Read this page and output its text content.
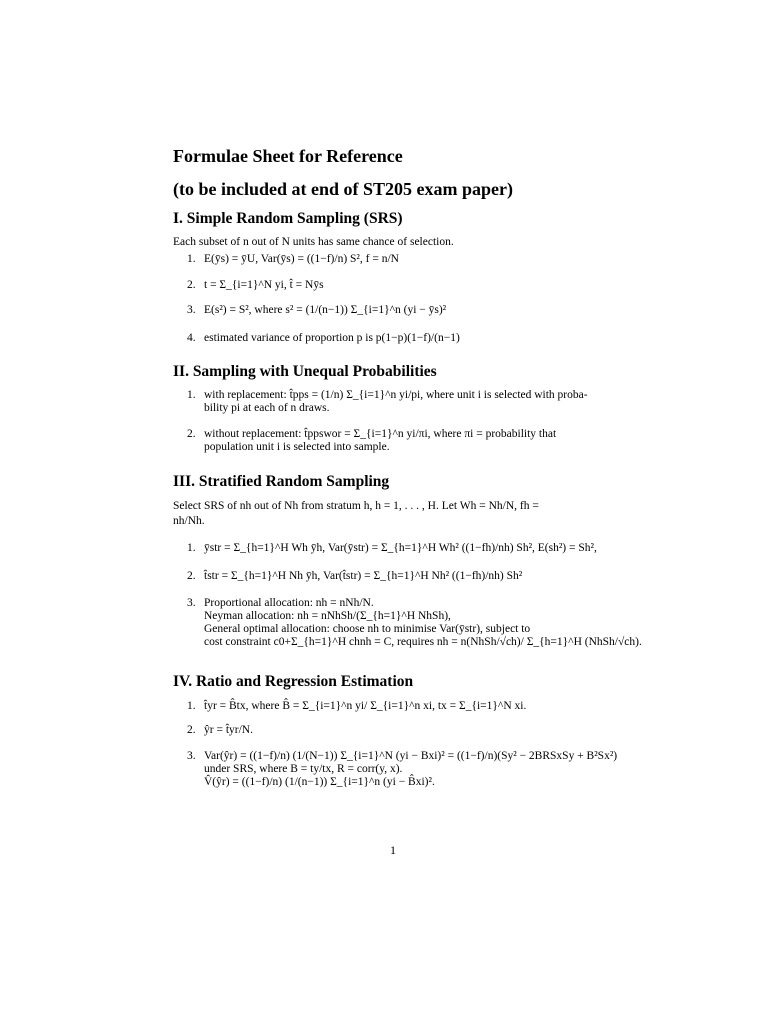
Formulae Sheet for Reference
(to be included at end of ST205 exam paper)
I. Simple Random Sampling (SRS)
Each subset of n out of N units has same chance of selection.
1. E(ȳs) = ȳU, Var(ȳs) = ((1−f)/n) S², f = n/N
2. t = Σ_{i=1}^N yi, t̂ = Nȳs
3. E(s²) = S², where s² = (1/(n−1)) Σ_{i=1}^n (yi − ȳs)²
4. estimated variance of proportion p is p(1−p)(1−f)/(n−1)
II. Sampling with Unequal Probabilities
1. with replacement: t̂pps = (1/n) Σ_{i=1}^n yi/pi, where unit i is selected with proba-
bility pi at each of n draws.
2. without replacement: t̂ppswor = Σ_{i=1}^n yi/πi, where πi = probability that
population unit i is selected into sample.
III. Stratified Random Sampling
Select SRS of nh out of Nh from stratum h, h = 1, . . . , H. Let Wh = Nh/N, fh =
nh/Nh.
1. ȳstr = Σ_{h=1}^H Wh ȳh, Var(ȳstr) = Σ_{h=1}^H Wh² ((1−fh)/nh) Sh², E(sh²) = Sh²,
2. t̂str = Σ_{h=1}^H Nh ȳh, Var(t̂str) = Σ_{h=1}^H Nh² ((1−fh)/nh) Sh²
3. Proportional allocation: nh = nNh/N.
Neyman allocation: nh = nNhSh/(Σ_{h=1}^H NhSh),
General optimal allocation: choose nh to minimise Var(ȳstr), subject to
cost constraint c0+Σ_{h=1}^H chnh = C, requires nh = n(NhSh/√ch)/ Σ_{h=1}^H (NhSh/√ch).
IV. Ratio and Regression Estimation
1. t̂yr = B̂tx, where B̂ = Σ_{i=1}^n yi/ Σ_{i=1}^n xi, tx = Σ_{i=1}^N xi.
2. ŷr = t̂yr/N.
3. Var(ŷr) = ((1−f)/n) (1/(N−1)) Σ_{i=1}^N (yi − Bxi)² = ((1−f)/n)(Sy² − 2BRSxSy + B²Sx²)
under SRS, where B = ty/tx, R = corr(y, x).
V̂(ŷr) = ((1−f)/n) (1/(n−1)) Σ_{i=1}^n (yi − B̂xi)².
1
